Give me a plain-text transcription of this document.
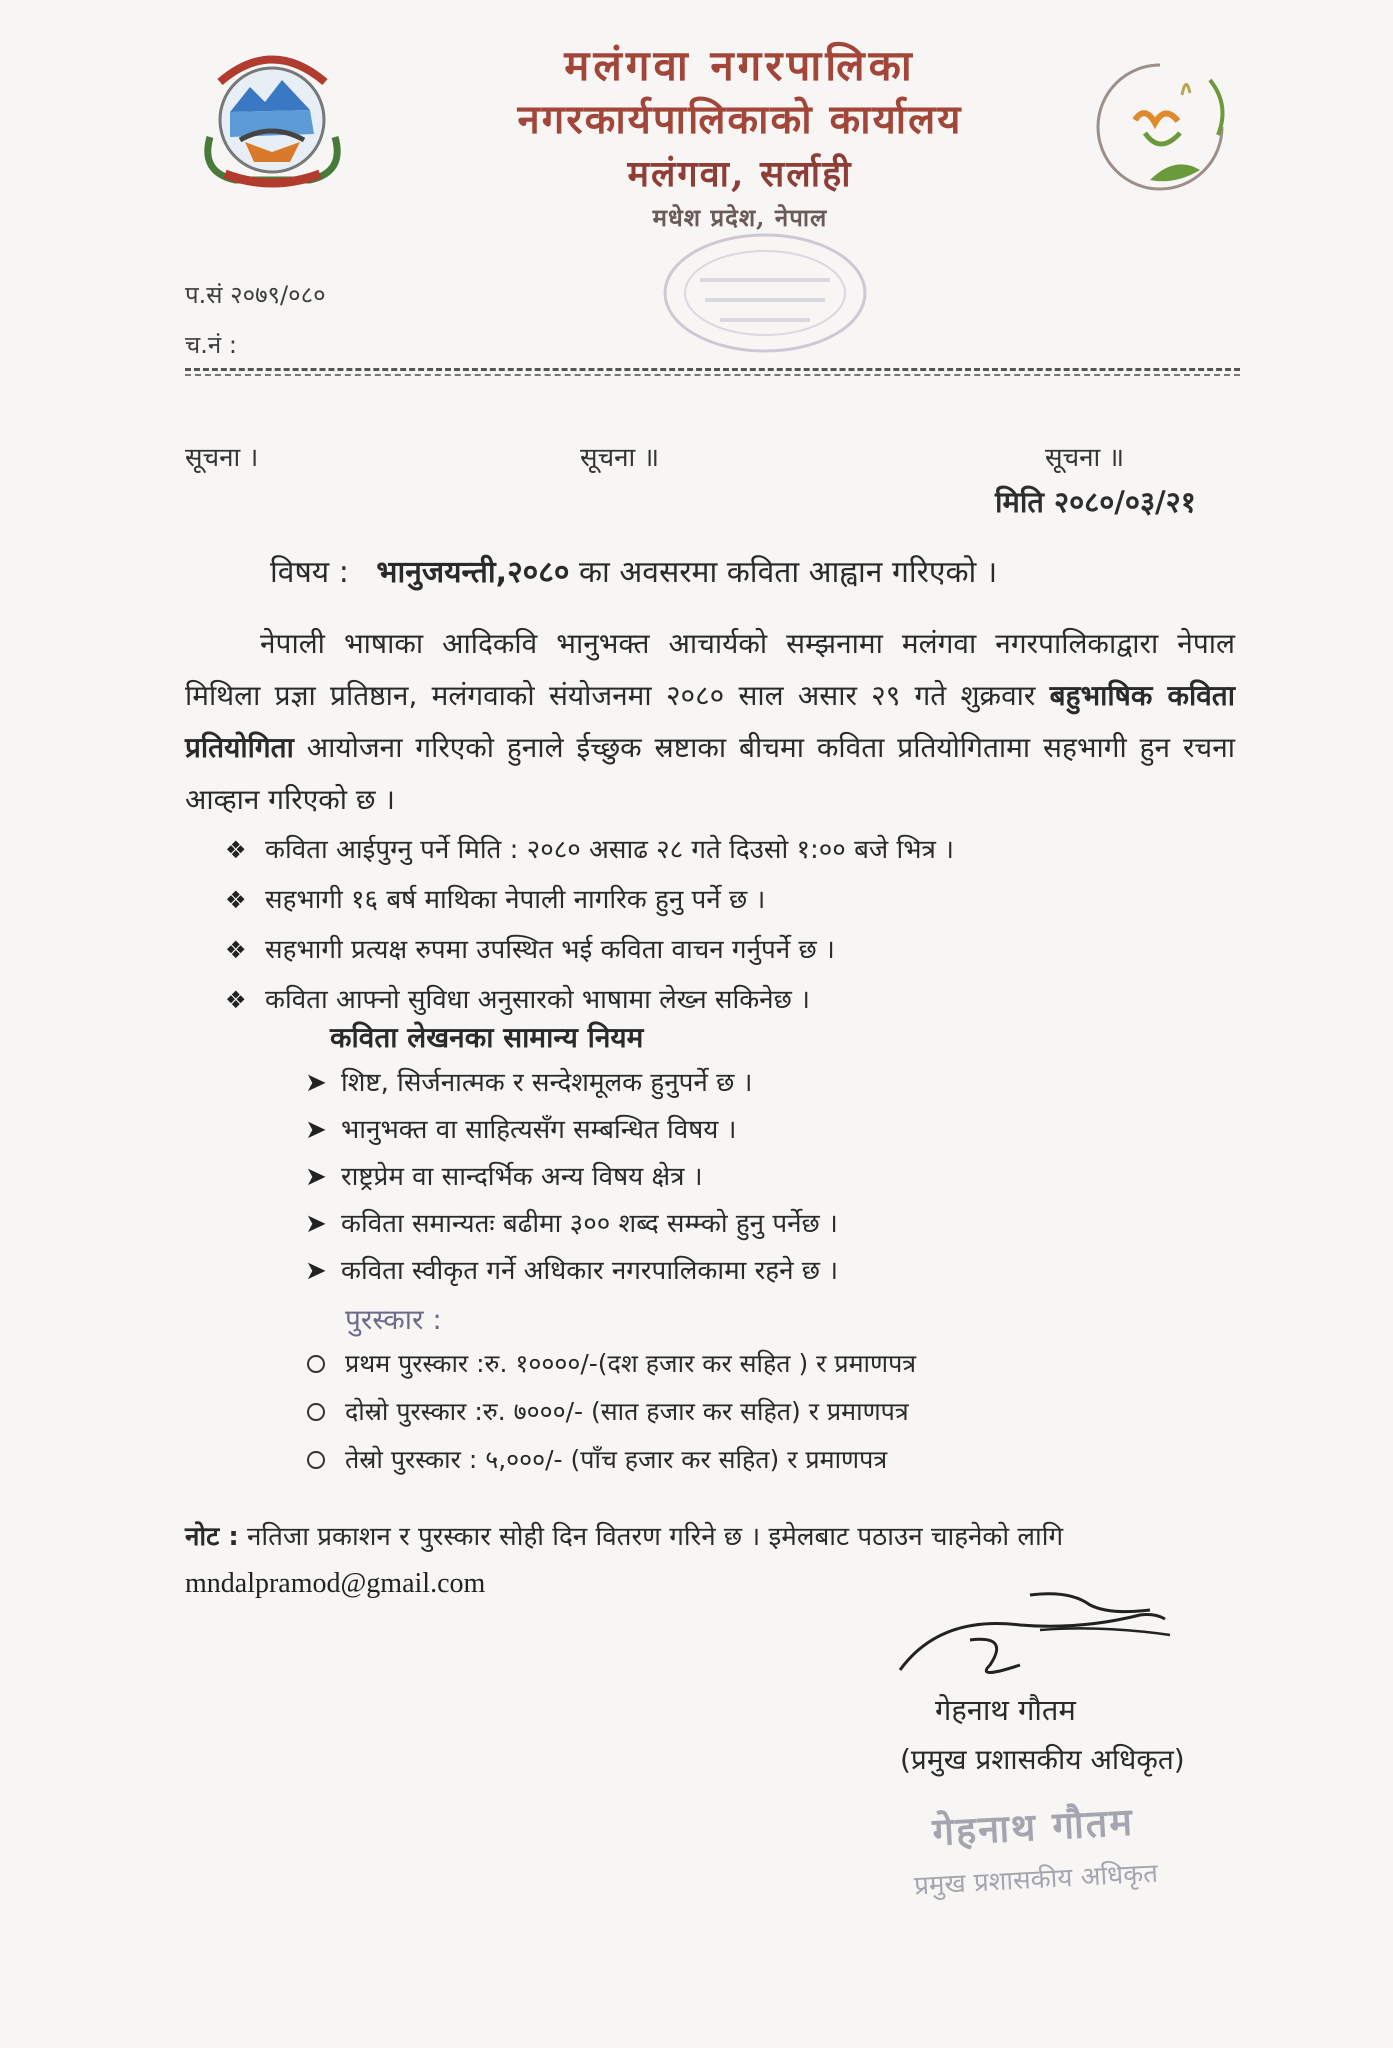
मलंगवा नगरपालिका
नगरकार्यपालिकाको कार्यालय
मलंगवा, सर्लाही
मधेश प्रदेश, नेपाल
प.सं २०७९/०८०
च.नं :
सूचना ।	सूचना ॥	सूचना ॥
मिति २०८०/०३/२१
विषय : भानुजयन्ती,२०८० का अवसरमा कविता आह्वान गरिएको ।
नेपाली भाषाका आदिकवि भानुभक्त आचार्यको सम्झनामा मलंगवा नगरपालिकाद्वारा नेपाल मिथिला प्रज्ञा प्रतिष्ठान, मलंगवाको संयोजनमा २०८० साल असार २९ गते शुक्रवार बहुभाषिक कविता प्रतियोगिता आयोजना गरिएको हुनाले ईच्छुक स्रष्टाका बीचमा कविता प्रतियोगितामा सहभागी हुन रचना आव्हान गरिएको छ ।
❖ कविता आईपुग्नु पर्ने मिति : २०८० असाढ २८ गते दिउसो १:०० बजे भित्र ।
❖ सहभागी १६ बर्ष माथिका नेपाली नागरिक हुनु पर्ने छ ।
❖ सहभागी प्रत्यक्ष रुपमा उपस्थित भई कविता वाचन गर्नुपर्ने छ ।
❖ कविता आफ्नो सुविधा अनुसारको भाषामा लेख्न सकिनेछ ।
कविता लेखनका सामान्य नियम
➤ शिष्ट, सिर्जनात्मक र सन्देशमूलक हुनुपर्ने छ ।
➤ भानुभक्त वा साहित्यसँग सम्बन्धित विषय ।
➤ राष्ट्रप्रेम वा सान्दर्भिक अन्य विषय क्षेत्र ।
➤ कविता समान्यतः बढीमा ३०० शब्द सम्म्को हुनु पर्नेछ ।
➤ कविता स्वीकृत गर्ने अधिकार नगरपालिकामा रहने छ ।
पुरस्कार :
प्रथम पुरस्कार :रु. १००००/-(दश हजार कर सहित ) र प्रमाणपत्र
दोस्रो पुरस्कार :रु. ७०००/- (सात हजार कर सहित) र प्रमाणपत्र
तेस्रो पुरस्कार : ५,०००/- (पाँच हजार कर सहित) र प्रमाणपत्र
नोट : नतिजा प्रकाशन र पुरस्कार सोही दिन वितरण गरिने छ । इमेलबाट पठाउन चाहनेको लागि
mndalpramod@gmail.com
गेहनाथ गौतम
(प्रमुख प्रशासकीय अधिकृत)
गेहनाथ गौतम
प्रमुख प्रशासकीय अधिकृत
